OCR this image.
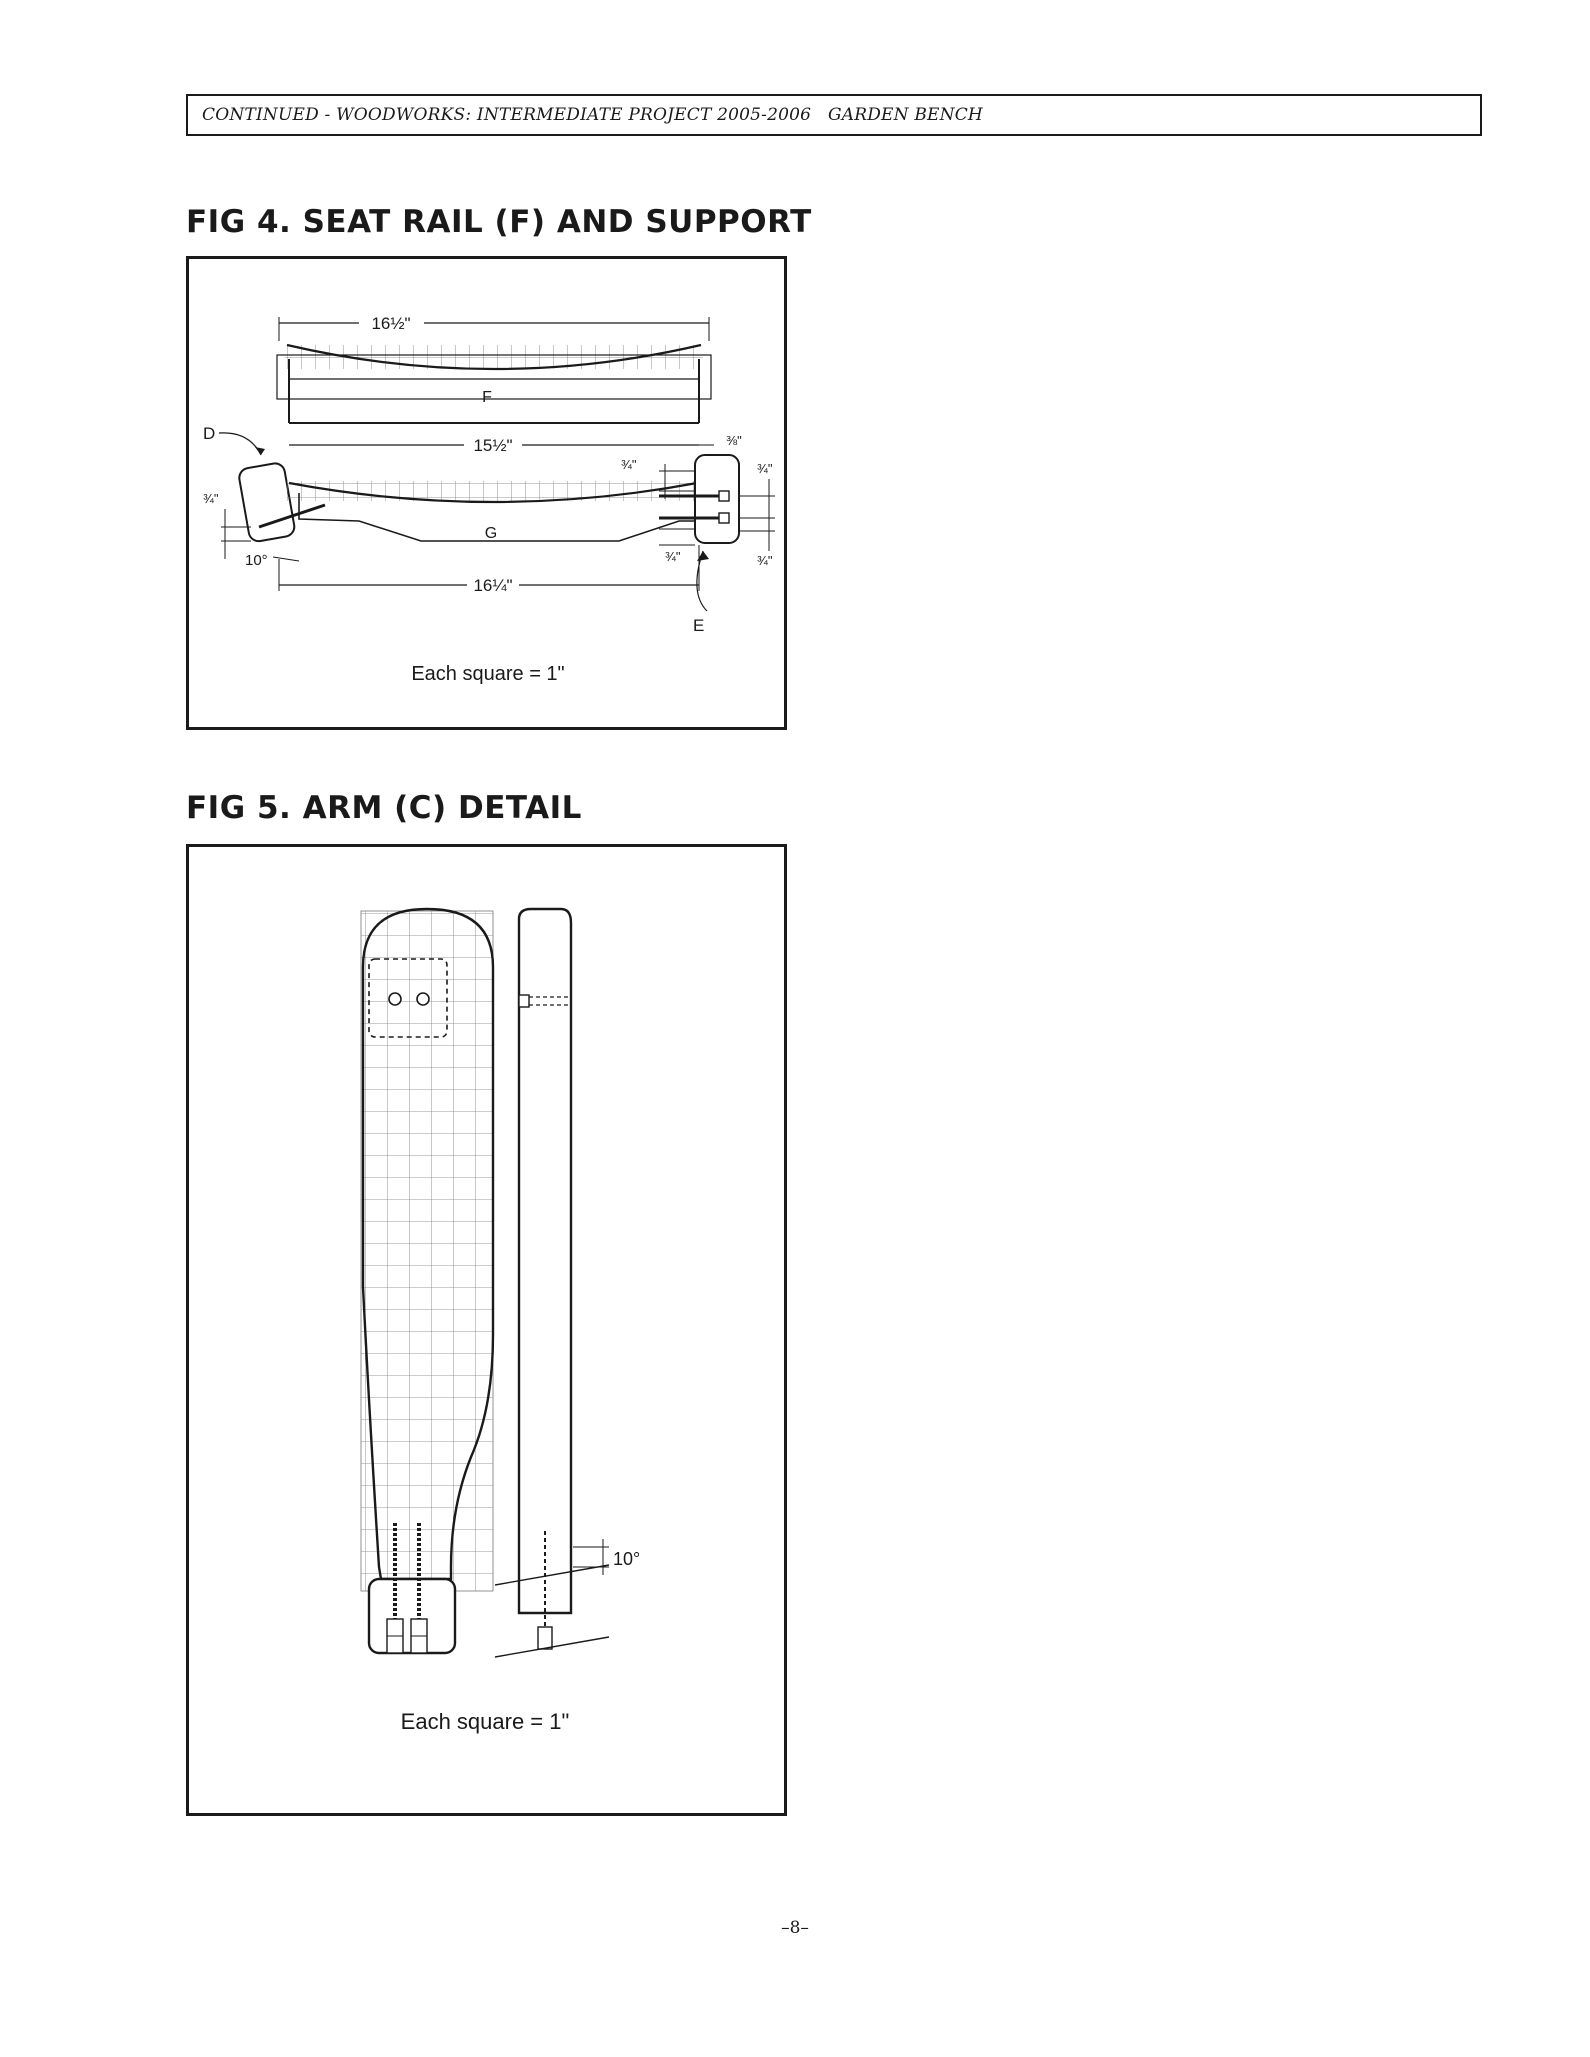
CONTINUED - WOODWORKS: INTERMEDIATE PROJECT 2005-2006   GARDEN BENCH
FIG 4. SEAT RAIL (F) AND SUPPORT
16½"
F
15½"	⅜"
D
¾"
10°
G
¾"
¾"
¾"
¾"
E
16¼"
Each square = 1"
FIG 5. ARM (C) DETAIL
10°
Each square = 1"
–8–
